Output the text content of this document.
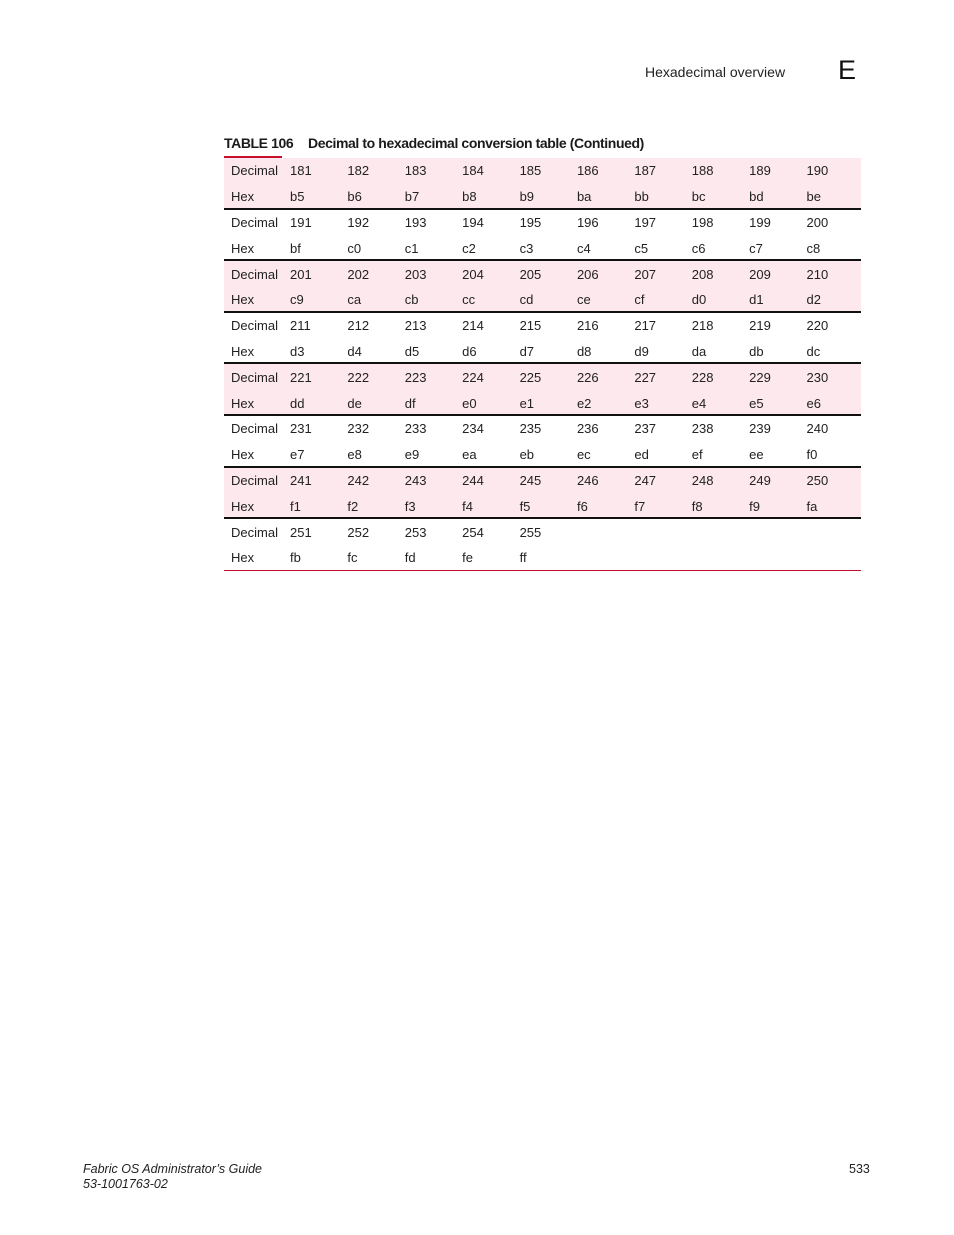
Hexadecimal overview E
TABLE 106 Decimal to hexadecimal conversion table (Continued)
Decimal 181	182	183	184	185	186	187	188	189	190
Hex	b5	b6	b7	b8	b9	ba	bb	bc	bd	be
Decimal 191	192	193	194	195	196	197	198	199	200
Hex	bf	c0	c1	c2	c3	c4	c5	c6	c7	c8
Decimal 201	202	203	204	205	206	207	208	209	210
Hex	c9	ca	cb	cc	cd	ce	cf	d0	d1	d2
Decimal 211	212	213	214	215	216	217	218	219	220
Hex	d3	d4	d5	d6	d7	d8	d9	da	db	dc
Decimal 221	222	223	224	225	226	227	228	229	230
Hex	dd	de	df	e0	e1	e2	e3	e4	e5	e6
Decimal 231	232	233	234	235	236	237	238	239	240
Hex	e7	e8	e9	ea	eb	ec	ed	ef	ee	f0
Decimal 241	242	243	244	245	246	247	248	249	250
Hex	f1	f2	f3	f4	f5	f6	f7	f8	f9	fa
Decimal 251	252	253	254	255
Hex	fb	fc	fd	fe	ff
Fabric OS Administrator’s Guide
53-1001763-02
533
